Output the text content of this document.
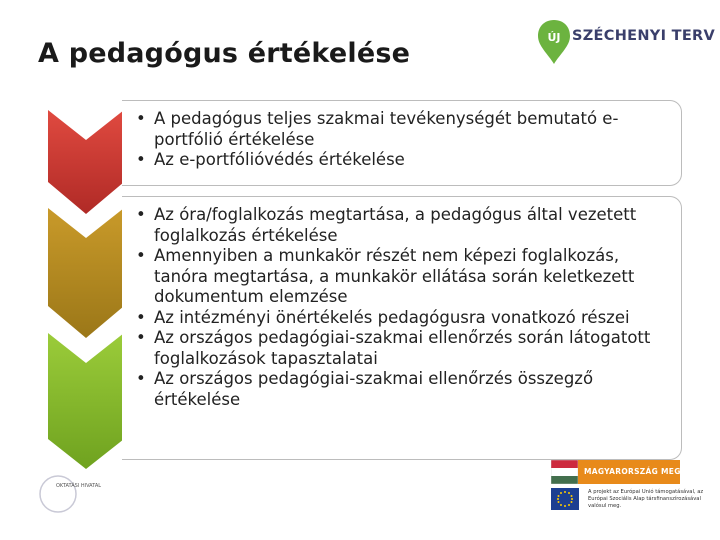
A pedagógus értékelése
ÚJ SZÉCHENYI TERV
• A pedagógus teljes szakmai tevékenységét bemutató e-portfólió értékelése
• Az e-portfólióvédés értékelése
• Az óra/foglalkozás megtartása, a pedagógus által vezetett foglalkozás értékelése
• Amennyiben a munkakör részét nem képezi foglalkozás, tanóra megtartása, a munkakör ellátása során keletkezett dokumentum elemzése
• Az intézményi önértékelés pedagógusra vonatkozó részei
• Az országos pedagógiai-szakmai ellenőrzés során látogatott foglalkozások tapasztalatai
• Az országos pedagógiai-szakmai ellenőrzés összegző értékelése
OKTATÁSI HIVATAL
MAGYARORSZÁG MEGÚJUL
A projekt az Európai Unió támogatásával, az Európai Szociális Alap társfinanszírozásával valósul meg.
